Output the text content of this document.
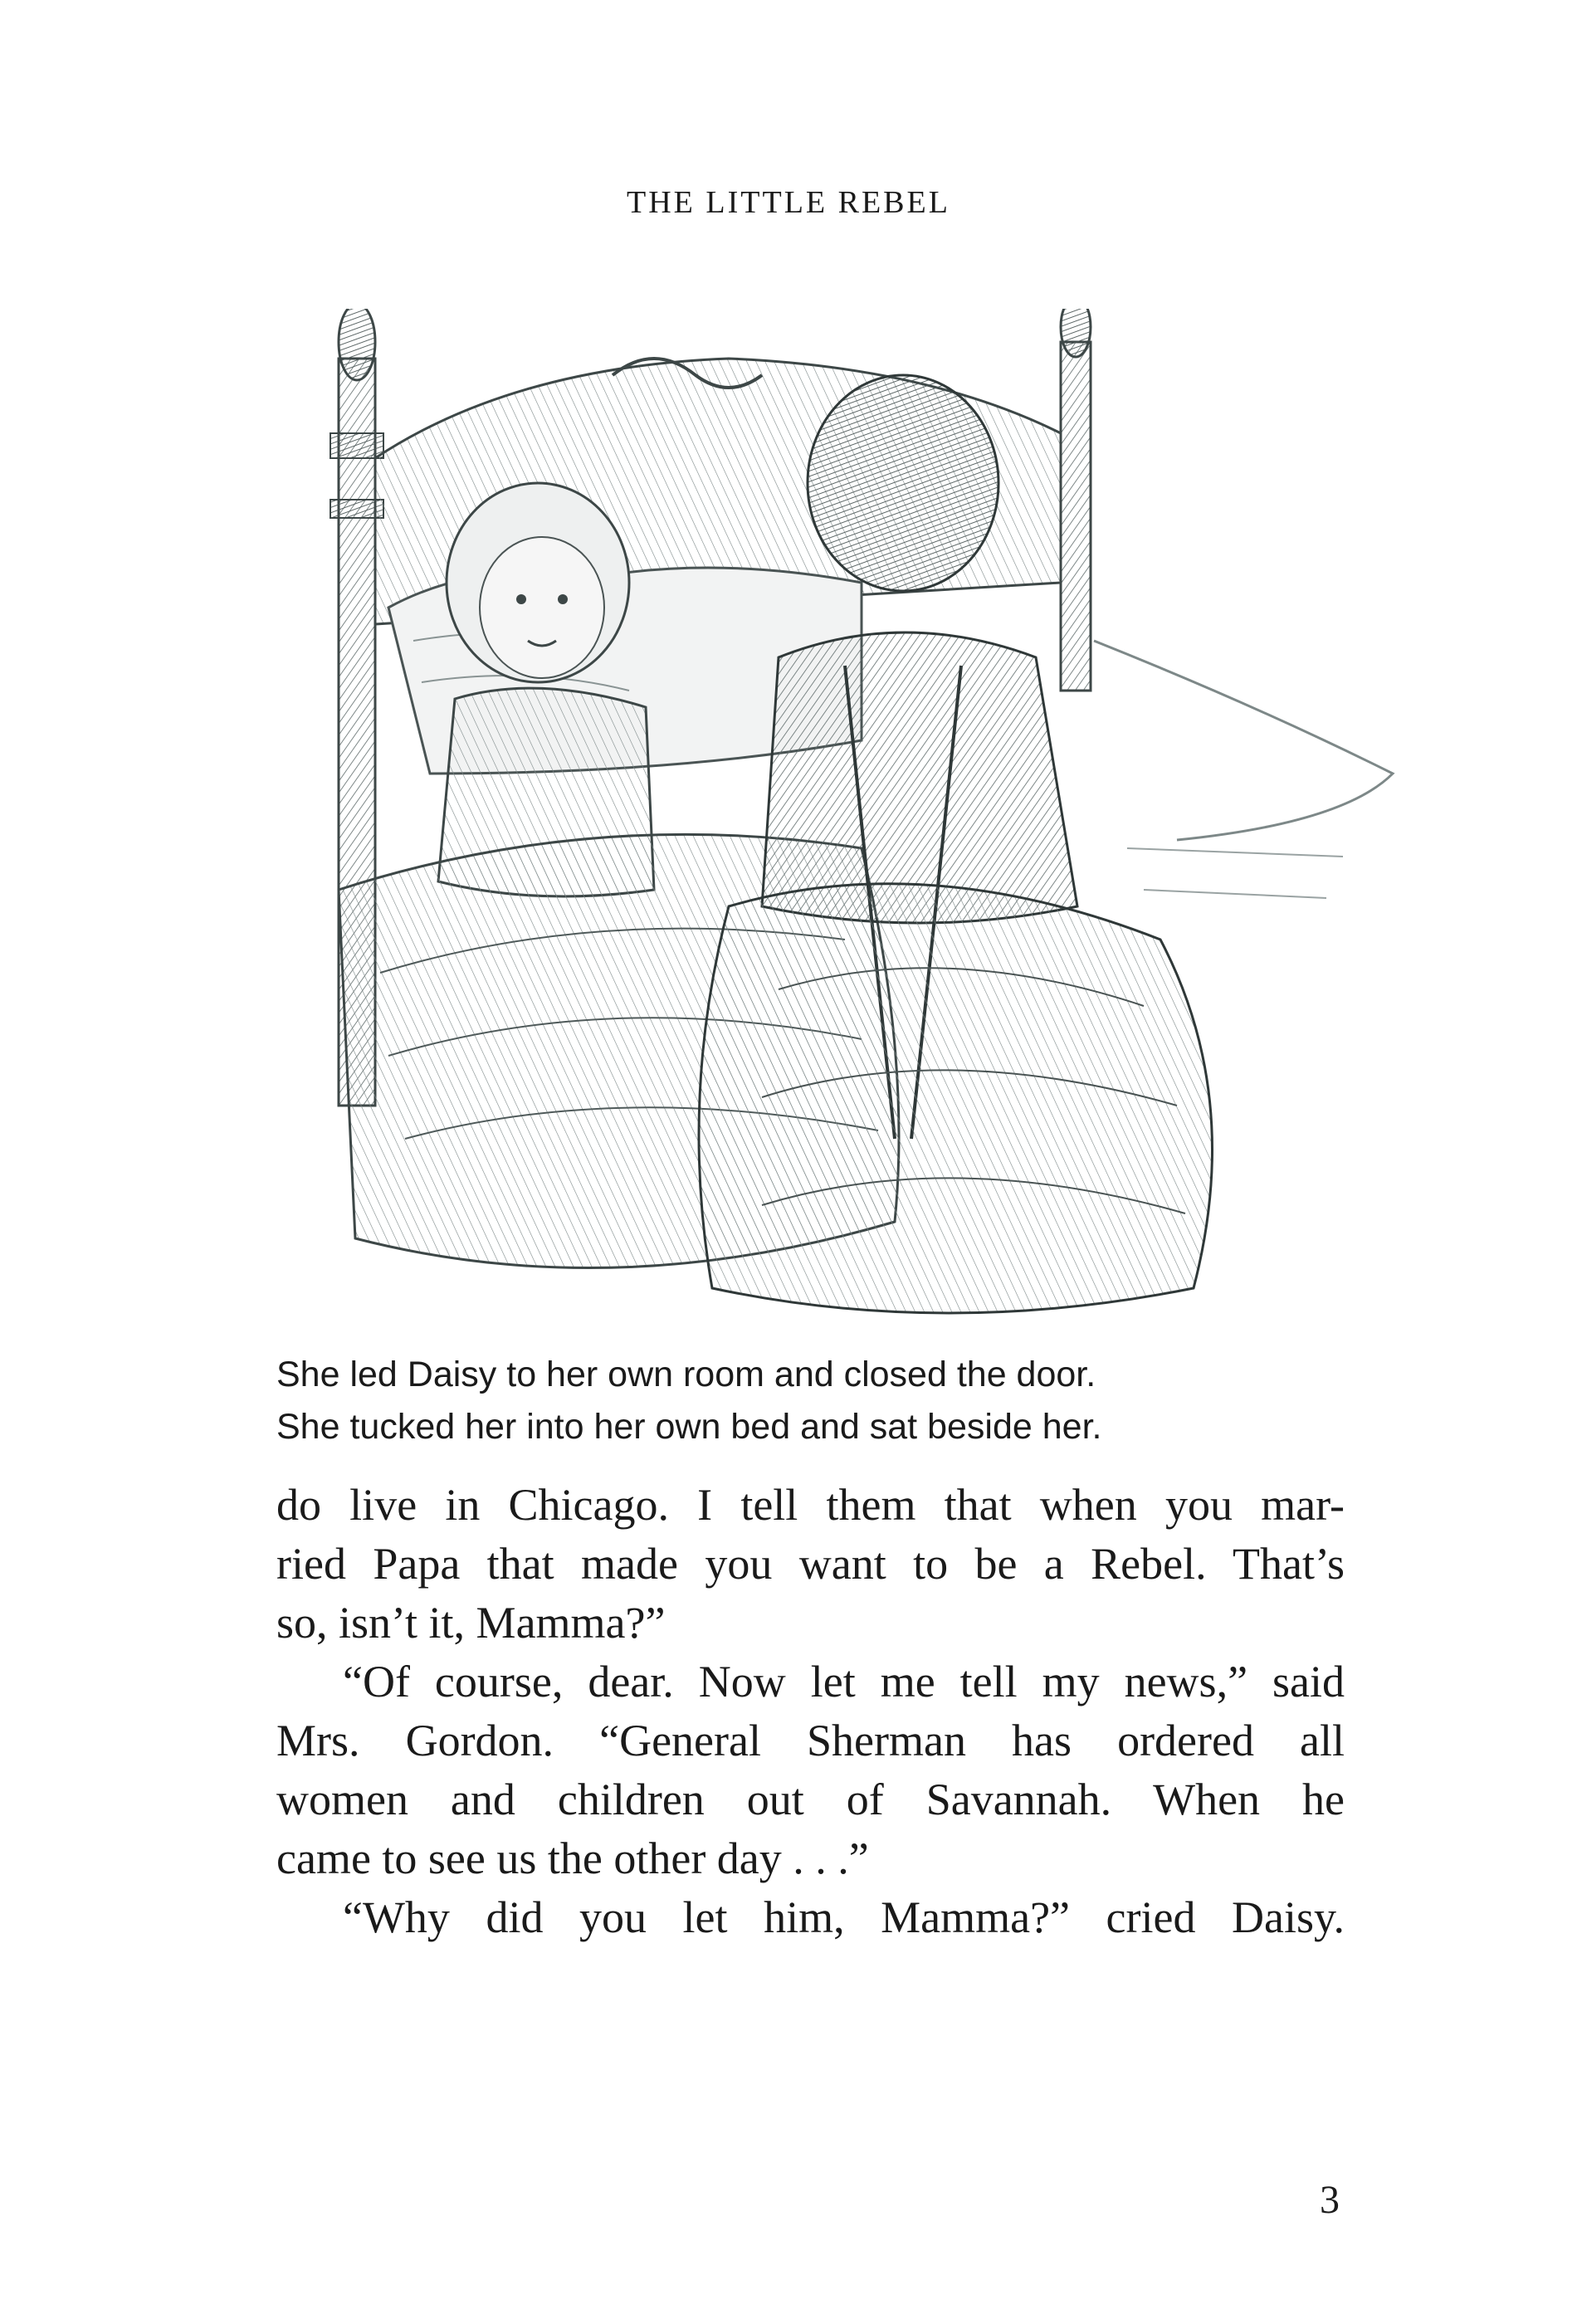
THE LITTLE REBEL
She led Daisy to her own room and closed the door.
She tucked her into her own bed and sat beside her.
do live in Chicago. I tell them that when you mar-
ried Papa that made you want to be a Rebel. That’s
so, isn’t it, Mamma?”
“Of course, dear. Now let me tell my news,” said
Mrs. Gordon. “General Sherman has ordered all
women and children out of Savannah. When he
came to see us the other day . . .”
“Why did you let him, Mamma?” cried Daisy.
3
